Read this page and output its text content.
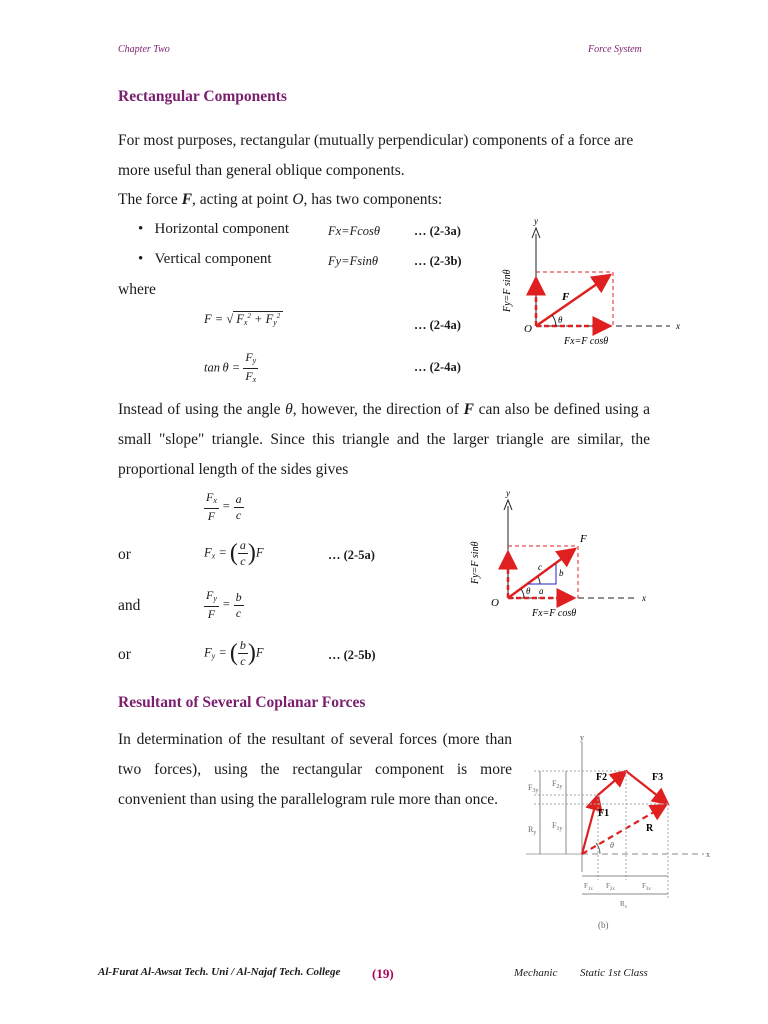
Chapter Two	Force System
Rectangular Components
For most purposes, rectangular (mutually perpendicular) components of a force are more useful than general oblique components.
The force F, acting at point O, has two components:
•   Horizontal component	Fx=Fcosθ	… (2-3a)
•   Vertical component	Fy=Fsinθ	… (2-3b)
where
F = √ $F_x^2 + F_y^2$
… (2-4a)
$\tan \theta = \frac{F_y}{F_x}$	… (2-4a)
y
x
O
F
θ
Fx=F cosθ
Fy=F sinθ
Instead of using the angle θ, however, the direction of F can also be defined using a small "slope" triangle. Since this triangle and the larger triangle are similar, the proportional length of the sides gives
$\frac{F_x}{F} = \frac{a}{c}$
or	$F_x$ = ( $\frac{a}{c} )F$	… (2-5a)
and	$\frac{F_y}{F} = \frac{b}{c}$
or	$F_y$ = ( $\frac{b}{c} )F$	… (2-5b)
y
x
O
F
c
b
a
θ
Fx=F cosθ
Fy=F sinθ
Resultant of Several Coplanar Forces
In determination of the resultant of several forces (more than two forces), using the rectangular component is more convenient than using the parallelogram rule more than once.
y
x
F2	F3
F1
R
θ
$F_3y$
$F_2y$
$R_y$
$F_1y$
$F_{1x}$ $F_{2x}$	$F_{3x}$
$R_x$
(b)
Al-Furat Al-Awsat Tech. Uni / Al-Najaf Tech. College (19)	Mechanic Static 1st Class
